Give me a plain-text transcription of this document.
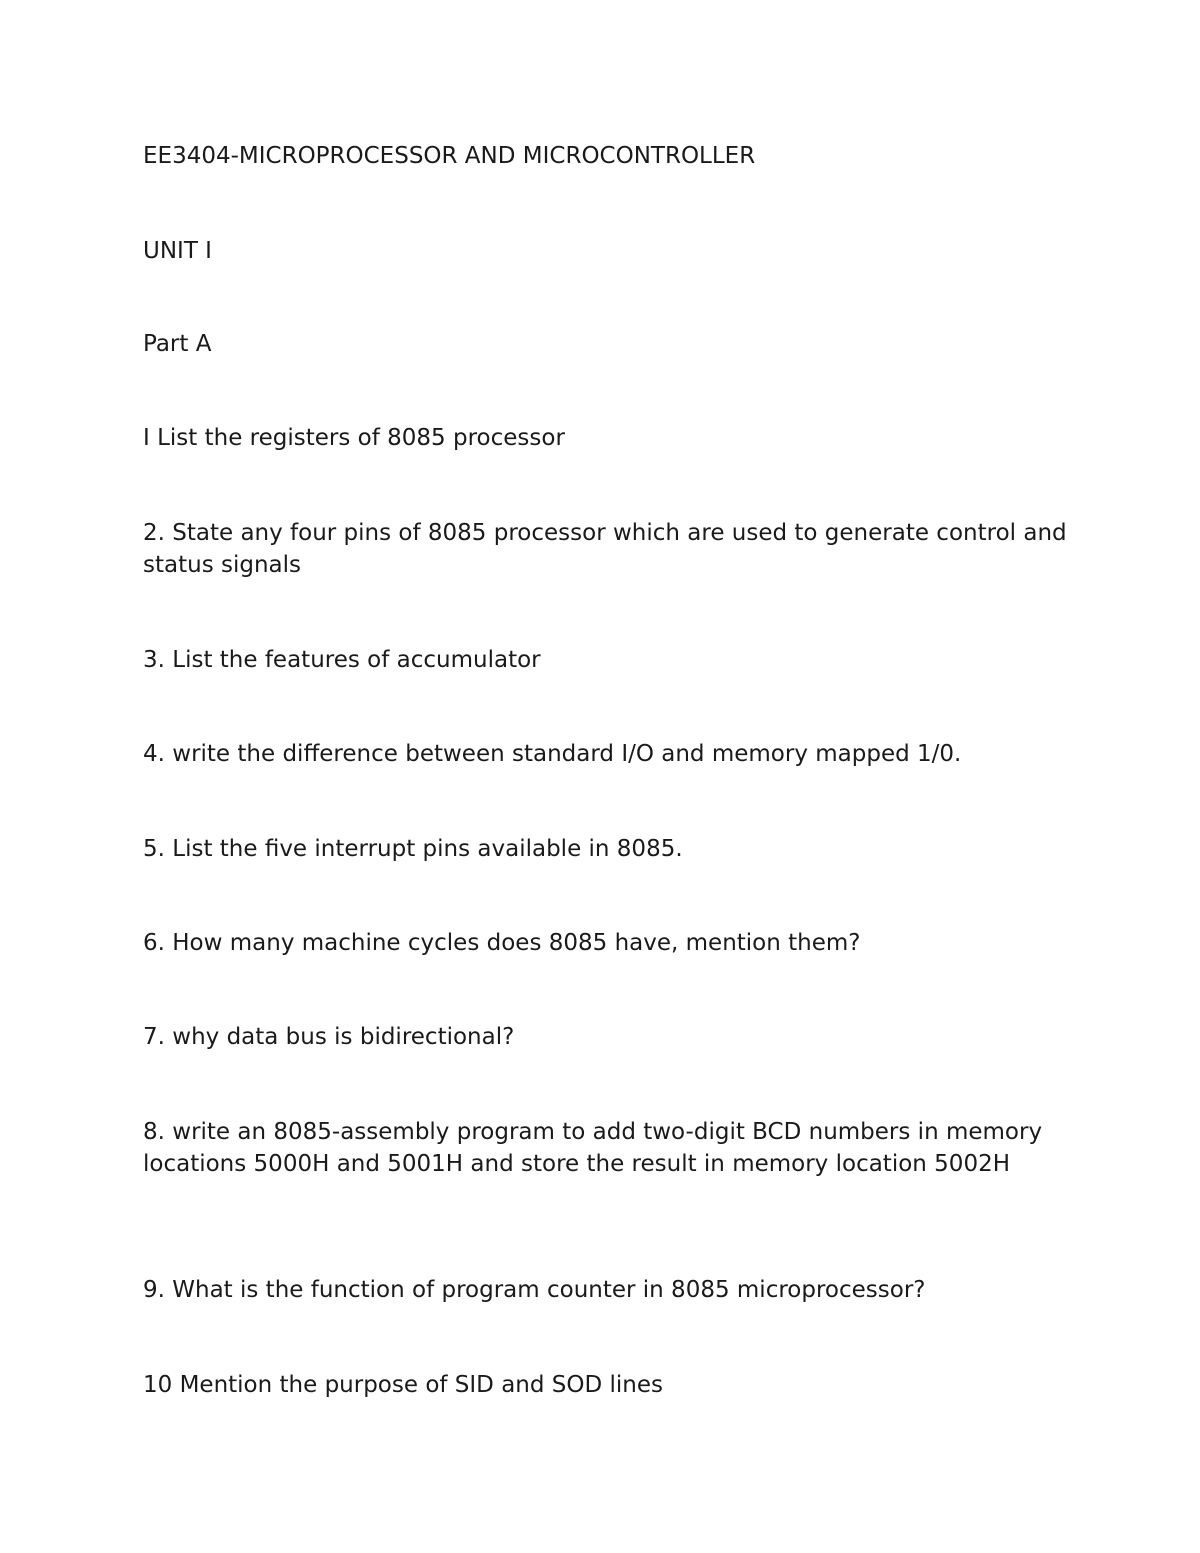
EE3404-MICROPROCESSOR AND MICROCONTROLLER

UNIT I

Part A

I List the registers of 8085 processor

2. State any four pins of 8085 processor which are used to generate control and status signals

3. List the features of accumulator

4. write the difference between standard I/O and memory mapped 1/0.

5. List the five interrupt pins available in 8085.

6. How many machine cycles does 8085 have, mention them?

7. why data bus is bidirectional?

8. write an 8085-assembly program to add two-digit BCD numbers in memory locations 5000H and 5001H and store the result in memory location 5002H

9. What is the function of program counter in 8085 microprocessor?

10 Mention the purpose of SID and SOD lines
